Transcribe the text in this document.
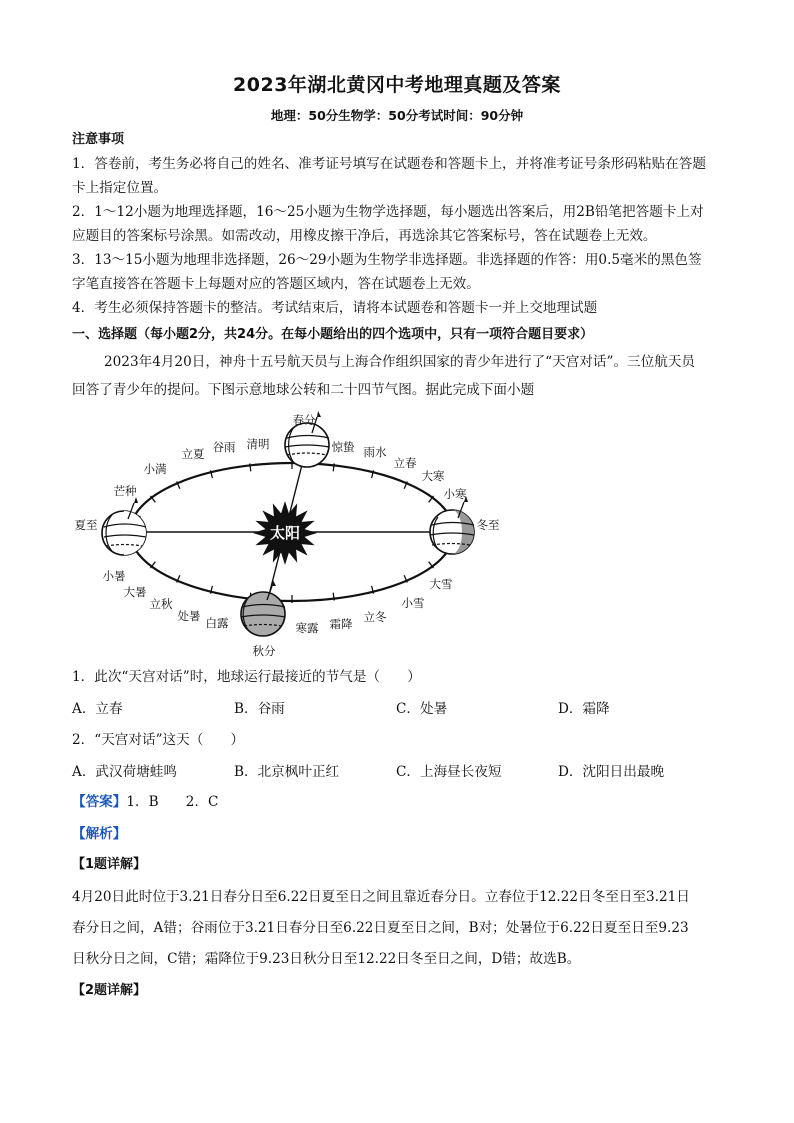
2023年湖北黄冈中考地理真题及答案
地理：50分生物学：50分考试时间：90分钟
注意事项
1．答卷前，考生务必将自己的姓名、准考证号填写在试题卷和答题卡上，并将准考证号条形码粘贴在答题
卡上指定位置。
2．1～12小题为地理选择题，16～25小题为生物学选择题，每小题选出答案后，用2B铅笔把答题卡上对
应题目的答案标号涂黑。如需改动，用橡皮擦干净后，再选涂其它答案标号，答在试题卷上无效。
3．13～15小题为地理非选择题，26～29小题为生物学非选择题。非选择题的作答：用0.5毫米的黑色签
字笔直接答在答题卡上每题对应的答题区域内，答在试题卷上无效。
4．考生必须保持答题卡的整洁。考试结束后，请将本试题卷和答题卡一并上交地理试题
一、选择题（每小题2分，共24分。在每小题给出的四个选项中，只有一项符合题目要求）
2023年4月20日，神舟十五号航天员与上海合作组织国家的青少年进行了“天宫对话”。三位航天员
回答了青少年的提问。下图示意地球公转和二十四节气图。据此完成下面小题
太阳
春分
惊蛰 雨水
立春
大寒
小寒
冬至
大雪
小雪
立冬
霜降
寒露
秋分
白露
处暑
立秋
大暑
小暑
夏至
芒种
小满
立夏 谷雨 清明
1．此次“天宫对话”时，地球运行最接近的节气是（　　）
A．立春	B．谷雨	C．处暑	D．霜降
2．“天宫对话”这天（　　）
A．武汉荷塘蛙鸣	B．北京枫叶正红	C．上海昼长夜短	D．沈阳日出最晚
【答案】1．B　　2．C
【解析】
【1题详解】
4月20日此时位于3.21日春分日至6.22日夏至日之间且靠近春分日。立春位于12.22日冬至日至3.21日
春分日之间，A错；谷雨位于3.21日春分日至6.22日夏至日之间，B对；处暑位于6.22日夏至日至9.23
日秋分日之间，C错；霜降位于9.23日秋分日至12.22日冬至日之间，D错；故选B。
【2题详解】
